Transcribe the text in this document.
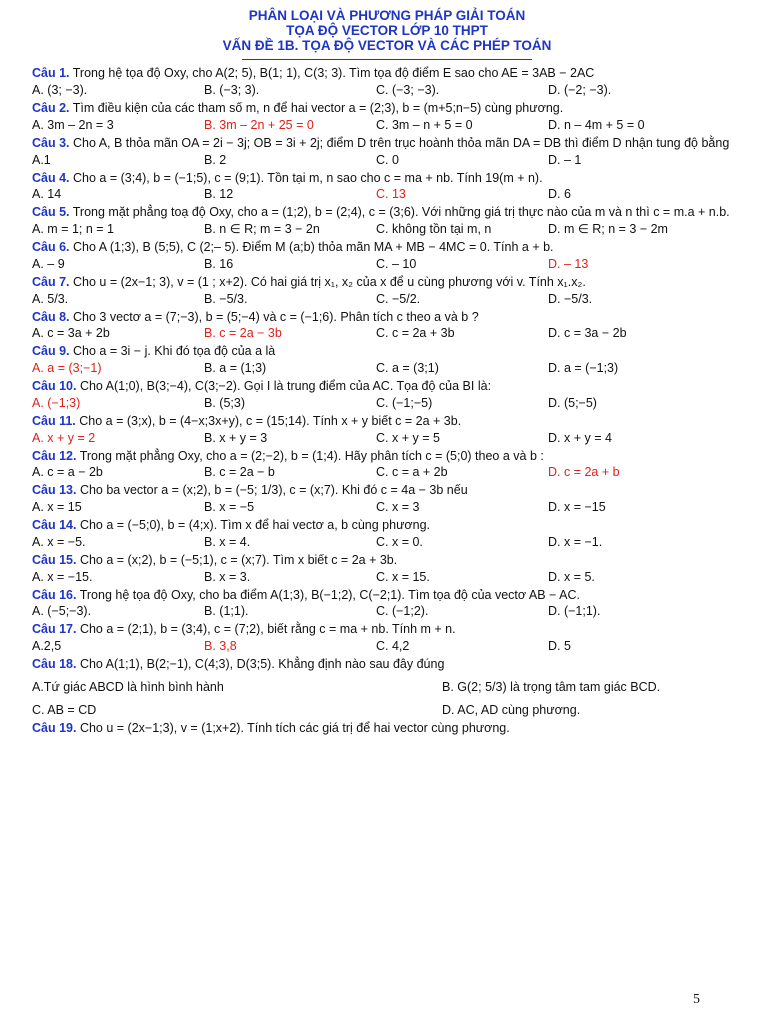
PHÂN LOẠI VÀ PHƯƠNG PHÁP GIẢI TOÁN
TỌA ĐỘ VECTOR LỚP 10 THPT
VẤN ĐỀ 1B. TỌA ĐỘ VECTOR VÀ CÁC PHÉP TOÁN
Câu 1. Trong hệ tọa độ Oxy, cho A(2; 5), B(1; 1), C(3; 3). Tìm tọa độ điểm E sao cho AE = 3AB − 2AC
A. (3; −3).	B. (−3; 3).	C. (−3; −3).	D. (−2; −3).
Câu 2. Tìm điều kiện của các tham số m, n để hai vector a = (2;3), b = (m+5;n−5) cùng phương.
A. 3m – 2n = 3	B. 3m – 2n + 25 = 0	C. 3m – n + 5 = 0	D. n – 4m + 5 = 0
Câu 3. Cho A, B thỏa mãn OA = 2i − 3j; OB = 3i + 2j; điểm D trên trục hoành thỏa mãn DA = DB thì điểm D nhận tung độ bằng
A.1	B. 2	C. 0	D. – 1
Câu 4. Cho a = (3;4), b = (−1;5), c = (9;1). Tồn tại m, n sao cho c = ma + nb. Tính 19(m + n).
A. 14	B. 12	C. 13	D. 6
Câu 5. Trong mặt phẳng toạ độ Oxy, cho a = (1;2), b = (2;4), c = (3;6). Với những giá trị thực nào của m và n thì c = m.a + n.b.
A. m = 1; n = 1	B. n ∈ R; m = 3 − 2n	C. không tồn tại m, n	D. m ∈ R; n = 3 − 2m
Câu 6. Cho A (1;3), B (5;5), C (2;– 5). Điểm M (a;b) thỏa mãn MA + MB − 4MC = 0. Tính a + b.
A. – 9	B. 16	C. – 10	D. – 13
Câu 7. Cho u = (2x−1; 3), v = (1 ; x+2). Có hai giá trị x₁, x₂ của x để u cùng phương với v. Tính x₁.x₂.
A. 5/3.	B. −5/3.	C. −5/2.	D. −5/3.
Câu 8. Cho 3 vectơ a = (7;−3), b = (5;−4) và c = (−1;6). Phân tích c theo a và b ?
A. c = 3a + 2b	B. c = 2a − 3b	C. c = 2a + 3b	D. c = 3a − 2b
Câu 9. Cho a = 3i − j. Khi đó tọa độ của a là
A. a = (3;−1)	B. a = (1;3)	C. a = (3;1)	D. a = (−1;3)
Câu 10. Cho A(1;0), B(3;−4), C(3;−2). Gọi I là trung điểm của AC. Tọa độ của BI là:
A. (−1;3)	B. (5;3)	C. (−1;−5)	D. (5;−5)
Câu 11. Cho a = (3;x), b = (4−x;3x+y), c = (15;14). Tính x + y biết c = 2a + 3b.
A. x + y = 2	B. x + y = 3	C. x + y = 5	D. x + y = 4
Câu 12. Trong mặt phẳng Oxy, cho a = (2;−2), b = (1;4). Hãy phân tích c = (5;0) theo a và b :
A. c = a − 2b	B. c = 2a − b	C. c = a + 2b	D. c = 2a + b
Câu 13. Cho ba vector a = (x;2), b = (−5; 1/3), c = (x;7). Khi đó c = 4a − 3b nếu
A. x = 15	B. x = −5	C. x = 3	D. x = −15
Câu 14. Cho a = (−5;0), b = (4;x). Tìm x để hai vectơ a, b cùng phương.
A. x = −5.	B. x = 4.	C. x = 0.	D. x = −1.
Câu 15. Cho a = (x;2), b = (−5;1), c = (x;7). Tìm x biết c = 2a + 3b.
A. x = −15.	B. x = 3.	C. x = 15.	D. x = 5.
Câu 16. Trong hệ tọa độ Oxy, cho ba điểm A(1;3), B(−1;2), C(−2;1). Tìm tọa độ của vectơ AB − AC.
A. (−5;−3).	B. (1;1).	C. (−1;2).	D. (−1;1).
Câu 17. Cho a = (2;1), b = (3;4), c = (7;2), biết rằng c = ma + nb. Tính m + n.
A.2,5	B. 3,8	C. 4,2	D. 5
Câu 18. Cho A(1;1), B(2;−1), C(4;3), D(3;5). Khẳng định nào sau đây đúng
A.Tứ giác ABCD là hình bình hành	B. G(2; 5/3) là trọng tâm tam giác BCD.
C. AB = CD	D. AC, AD cùng phương.
Câu 19. Cho u = (2x−1;3), v = (1;x+2). Tính tích các giá trị để hai vector cùng phương.
5
